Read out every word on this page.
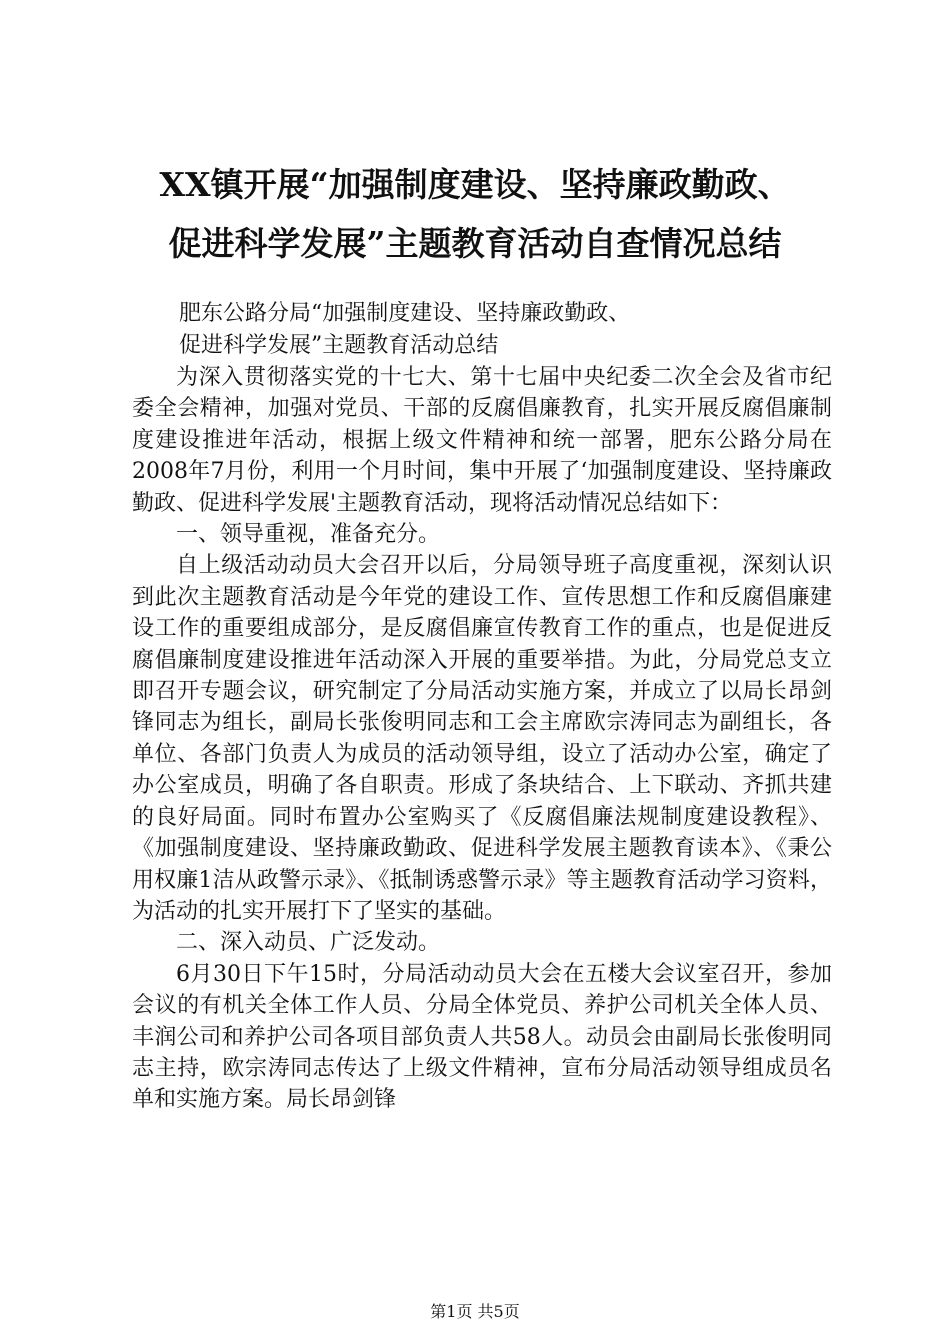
XX镇开展“加强制度建设、坚持廉政勤政、
促进科学发展”主题教育活动自查情况总结
肥东公路分局“加强制度建设、坚持廉政勤政、
促进科学发展”主题教育活动总结

为深入贯彻落实党的十七大、第十七届中央纪委二次全会及省市纪委全会精神，加强对党员、干部的反腐倡廉教育，扎实开展反腐倡廉制度建设推进年活动，根据上级文件精神和统一部署，肥东公路分局在2008年7月份，利用一个月时间，集中开展了‘加强制度建设、坚持廉政勤政、促进科学发展'主题教育活动，现将活动情况总结如下：

一、领导重视，准备充分。

自上级活动动员大会召开以后，分局领导班子高度重视，深刻认识到此次主题教育活动是今年党的建设工作、宣传思想工作和反腐倡廉建设工作的重要组成部分，是反腐倡廉宣传教育工作的重点，也是促进反腐倡廉制度建设推进年活动深入开展的重要举措。为此，分局党总支立即召开专题会议，研究制定了分局活动实施方案，并成立了以局长昂剑锋同志为组长，副局长张俊明同志和工会主席欧宗涛同志为副组长，各单位、各部门负责人为成员的活动领导组，设立了活动办公室，确定了办公室成员，明确了各自职责。形成了条块结合、上下联动、齐抓共建的良好局面。同时布置办公室购买了《反腐倡廉法规制度建设教程》、《加强制度建设、坚持廉政勤政、促进科学发展主题教育读本》、《秉公用权廉1洁从政警示录》、《抵制诱惑警示录》等主题教育活动学习资料，为活动的扎实开展打下了坚实的基础。

二、深入动员、广泛发动。

6月30日下午15时，分局活动动员大会在五楼大会议室召开，参加会议的有机关全体工作人员、分局全体党员、养护公司机关全体人员、丰润公司和养护公司各项目部负责人共58人。动员会由副局长张俊明同志主持，欧宗涛同志传达了上级文件精神，宣布分局活动领导组成员名单和实施方案。局长昂剑锋

第1页 共5页
